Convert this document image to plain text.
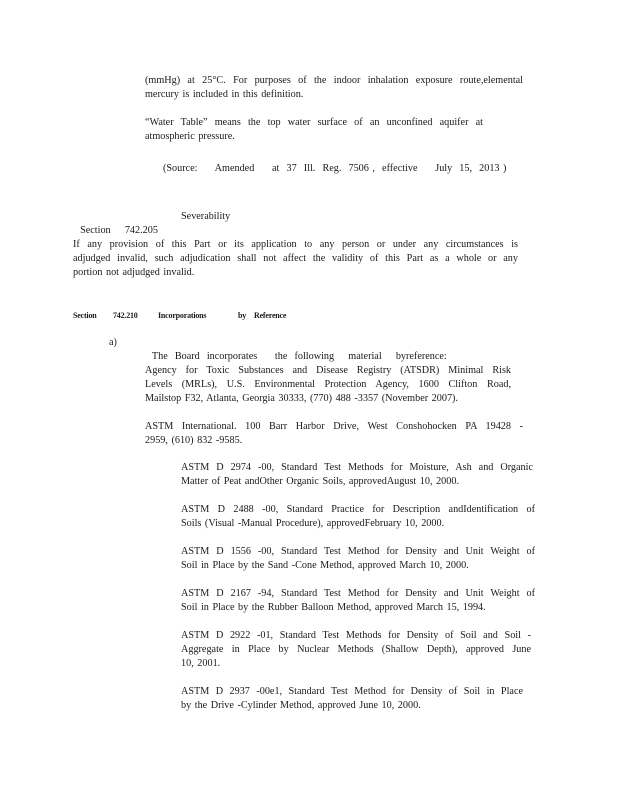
(mmHg) at 25°C. For purposes of the indoor inhalation exposure route,elemental
mercury is included in this definition.
“Water Table” means the top water surface of an unconfined aquifer at
atmospheric pressure.
(Source:     Amended     at  37  Ill.  Reg.  7506 ,  effective     July  15,  2013 )

Section    742.205

Severability
If any provision of this Part or its application to any person or under any circumstances is
adjudged invalid, such adjudication shall not affect the validity of this Part as a whole or any
portion not adjudged invalid.
Section 742.210	Incorporations	by Reference
a)

The  Board  incorporates     the  following    material    byreference:

Agency for Toxic Substances and Disease Registry (ATSDR) Minimal Risk
Levels (MRLs), U.S. Environmental Protection Agency, 1600 Clifton Road,
Mailstop F32, Atlanta, Georgia 30333, (770) 488 -3357 (November 2007).
ASTM International. 100 Barr Harbor Drive, West Conshohocken PA 19428 -
2959, (610) 832 -9585.
ASTM D 2974 -00, Standard Test Methods for Moisture, Ash and Organic
Matter of Peat andOther Organic Soils, approvedAugust 10, 2000.
ASTM D 2488 -00, Standard Practice for Description andIdentification of
Soils (Visual -Manual Procedure), approvedFebruary 10, 2000.
ASTM D 1556 -00, Standard Test Method for Density and Unit Weight of
Soil in Place by the Sand -Cone Method, approved March 10, 2000.
ASTM D 2167 -94, Standard Test Method for Density and Unit Weight of
Soil in Place by the Rubber Balloon Method, approved March 15, 1994.
ASTM D 2922 -01, Standard Test Methods for Density of Soil and Soil -
Aggregate in Place by Nuclear Methods (Shallow Depth), approved June
10, 2001.
ASTM D 2937 -00e1, Standard Test Method for Density of Soil in Place
by the Drive -Cylinder Method, approved June 10, 2000.
